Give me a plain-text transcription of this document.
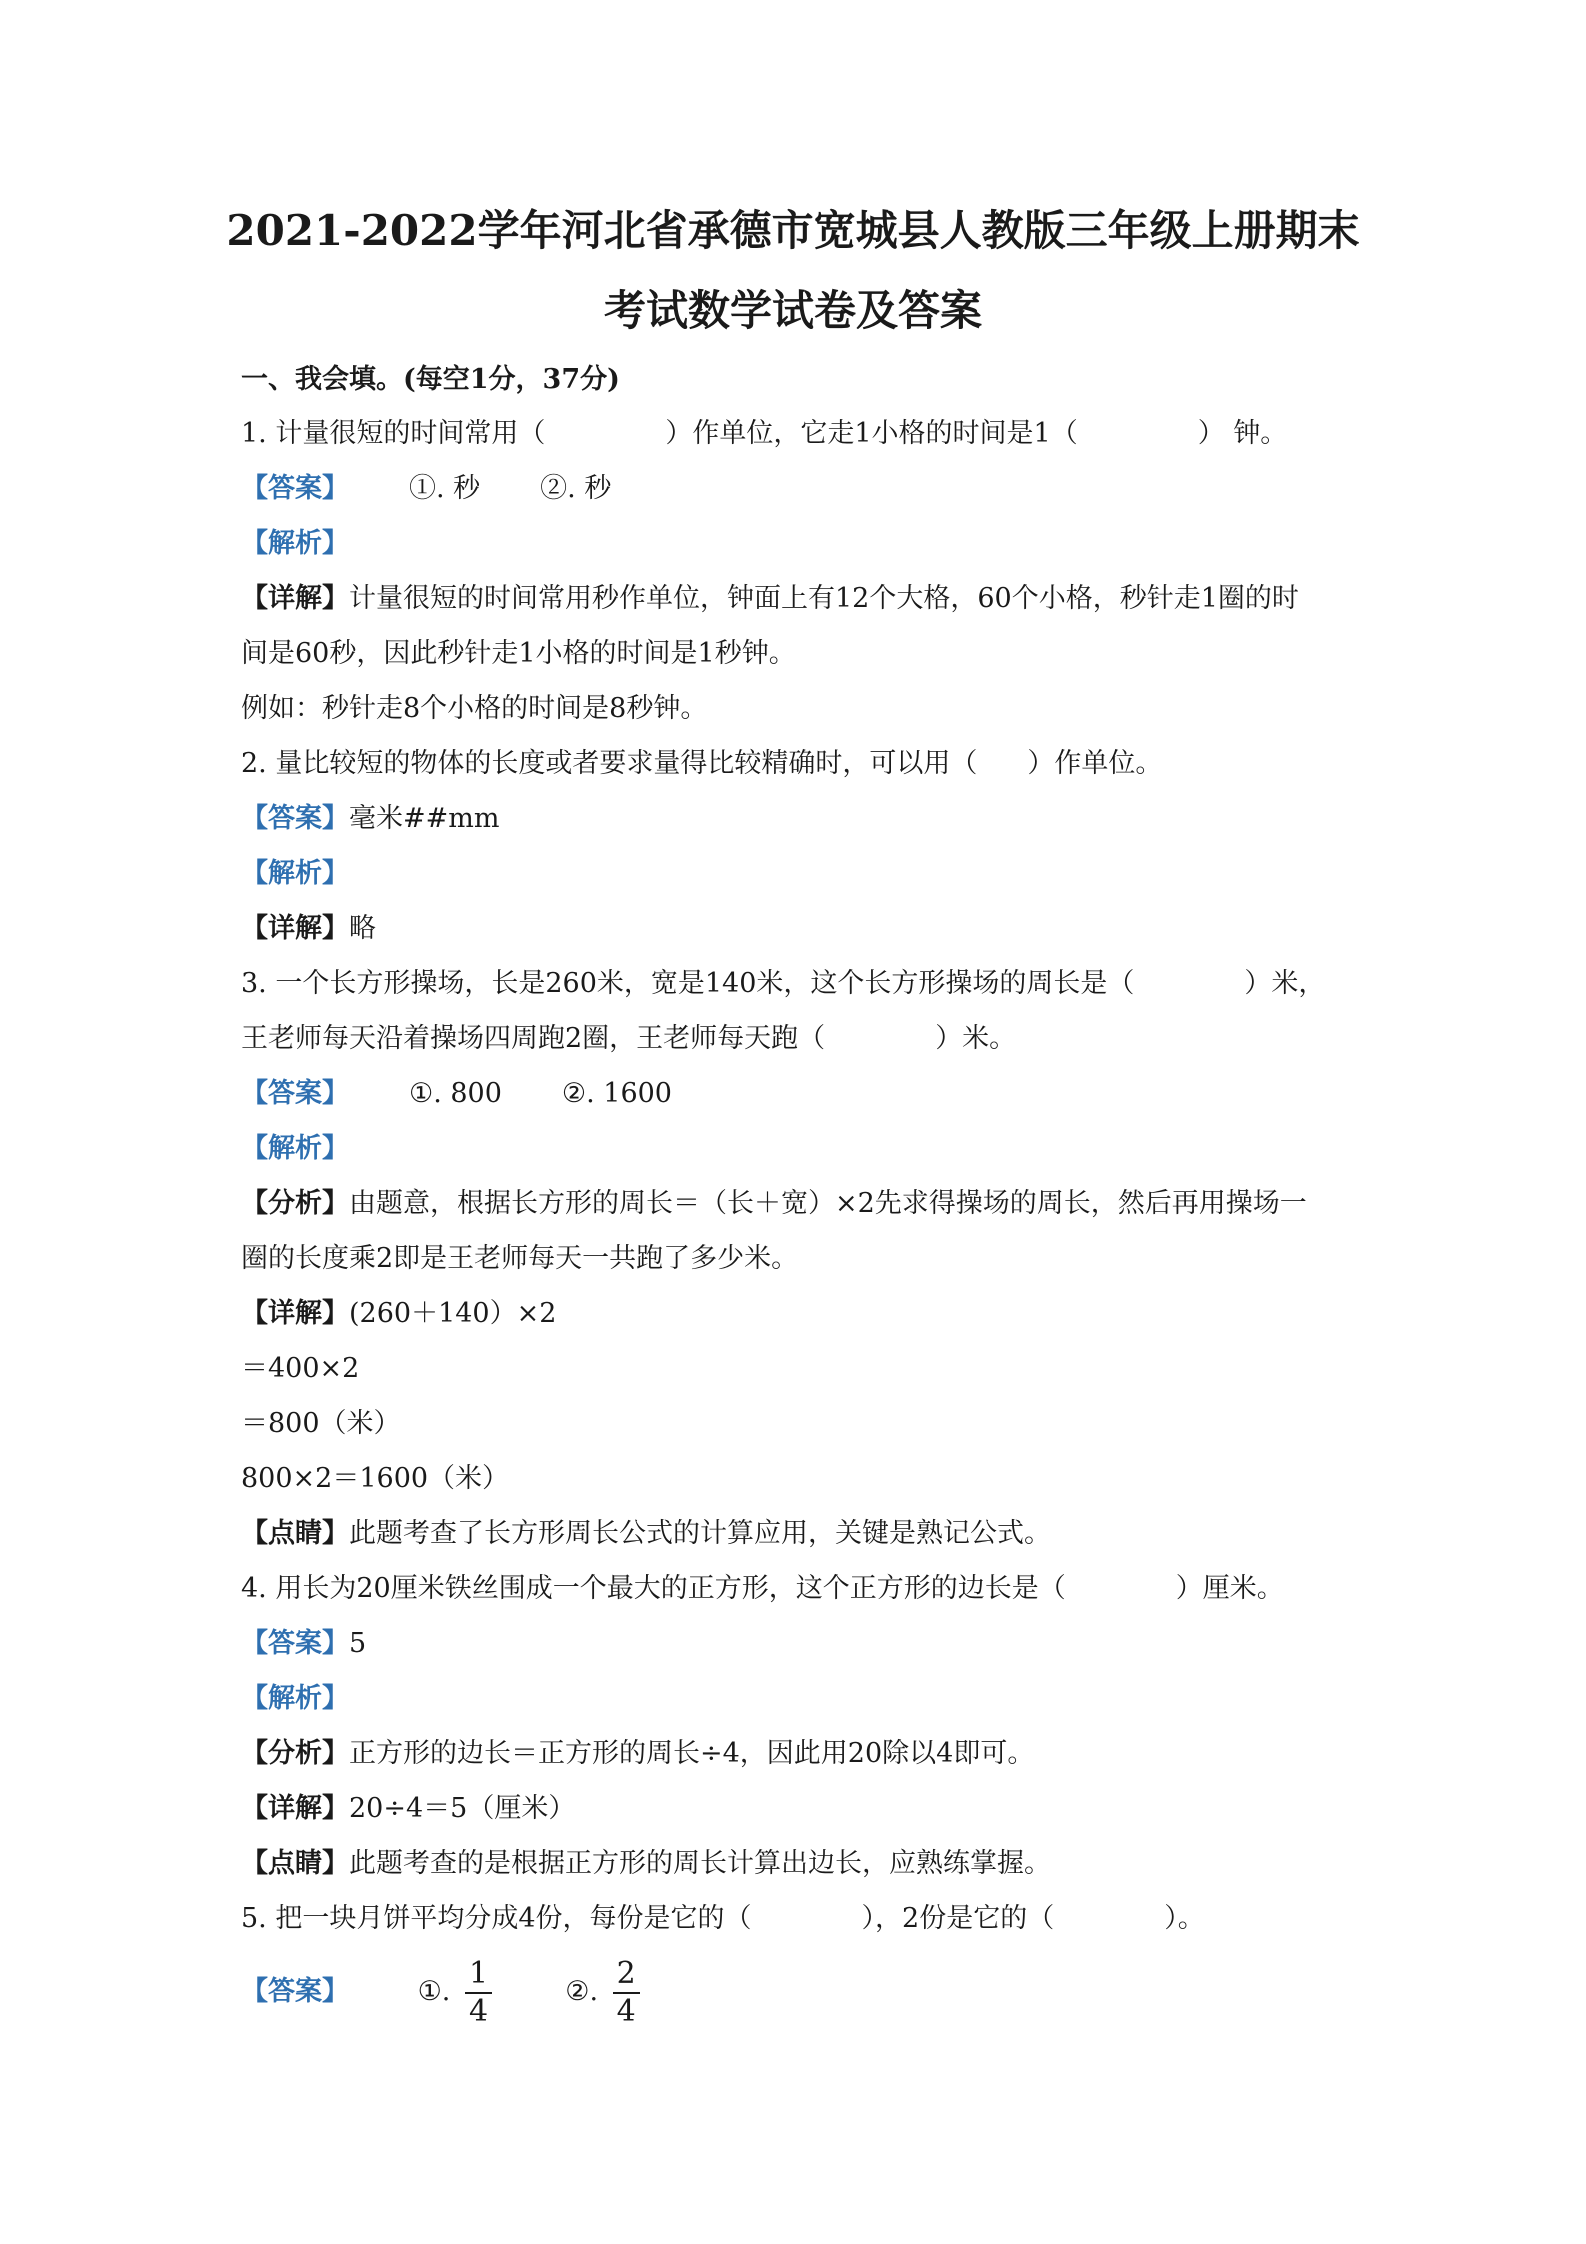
2021-2022学年河北省承德市宽城县人教版三年级上册期末
考试数学试卷及答案
一、我会填。(每空1分，37分)
1. 计量很短的时间常用（	）作单位，它走1小格的时间是1（	） 钟。
【答案】 ①. 秒 ②. 秒
【解析】
【详解】计量很短的时间常用秒作单位，钟面上有12个大格，60个小格，秒针走1圈的时
间是60秒，因此秒针走1小格的时间是1秒钟。
例如：秒针走8个小格的时间是8秒钟。
2. 量比较短的物体的长度或者要求量得比较精确时，可以用（ ）作单位。
【答案】毫米##mm
【解析】
【详解】略
3. 一个长方形操场，长是260米，宽是140米，这个长方形操场的周长是（	）米，
王老师每天沿着操场四周跑2圈，王老师每天跑（	）米。
【答案】 ①. 800 ②. 1600
【解析】
【分析】由题意，根据长方形的周长＝（长＋宽）×2先求得操场的周长，然后再用操场一
圈的长度乘2即是王老师每天一共跑了多少米。
【详解】(260＋140）×2
＝400×2
＝800（米）
800×2＝1600（米）
【点睛】此题考查了长方形周长公式的计算应用，关键是熟记公式。
4. 用长为20厘米铁丝围成一个最大的正方形，这个正方形的边长是（	）厘米。
【答案】5
【解析】
【分析】正方形的边长＝正方形的周长÷4，因此用20除以4即可。
【详解】20÷4＝5（厘米）
【点睛】此题考查的是根据正方形的周长计算出边长，应熟练掌握。
5. 把一块月饼平均分成4份，每份是它的（	），2份是它的（	）。
【答案】	①. $\frac{1}{4}$	②. $\frac{2}{4}$
